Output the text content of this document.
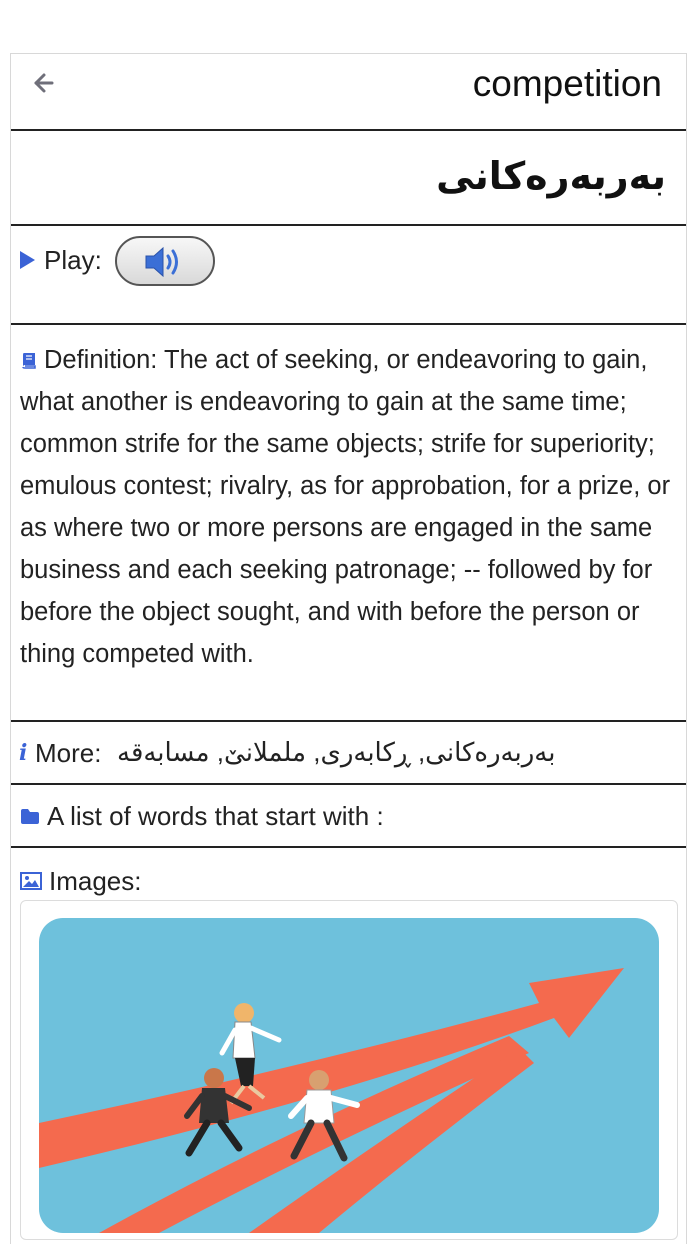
competition
بەربەرەکانی
Play:

Definition: The act of seeking, or endeavoring to gain, what another is endeavoring to gain at the same time; common strife for the same objects; strife for superiority; emulous contest; rivalry, as for approbation, for a prize, or as where two or more persons are engaged in the same business and each seeking patronage; -- followed by for before the object sought, and with before the person or thing competed with.

i More: بەربەرەکانی, ڕکابەری, ململانێ, مسابەقە
A list of words that start with :
Images:
